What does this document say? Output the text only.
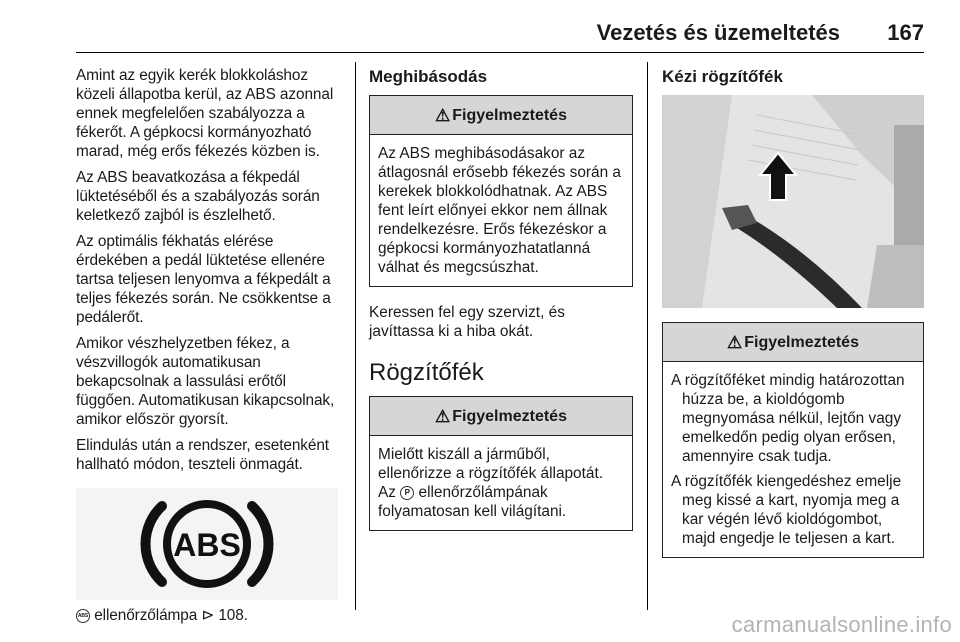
Vezetés és üzemeltetés 167

Amint az egyik kerék blokkoláshoz közeli állapotba kerül, az ABS azonnal ennek megfelelően szabályozza a fékerőt. A gépkocsi kormányozható marad, még erős fékezés közben is.

Az ABS beavatkozása a fékpedál lüktetéséből és a szabályozás során keletkező zajból is észlelhető.

Az optimális fékhatás elérése érdekében a pedál lüktetése ellenére tartsa teljesen lenyomva a fékpedált a teljes fékezés során. Ne csökkentse a pedálerőt.

Amikor vészhelyzetben fékez, a vészvillogók automatikusan bekapcsolnak a lassulási erőtől függően. Automatikusan kikapcsolnak, amikor először gyorsít.

Elindulás után a rendszer, esetenként hallható módon, teszteli önmagát.

ABS

ABS ellenőrzőlámpa ⊳ 108.

Meghibásodás
⚠ Figyelmeztetés

Az ABS meghibásodásakor az átlagosnál erősebb fékezés során a kerekek blokkolódhatnak. Az ABS fent leírt előnyei ekkor nem állnak rendelkezésre. Erős fékezéskor a gépkocsi kormányozhatatlanná válhat és megcsúszhat.

Keressen fel egy szervizt, és javíttassa ki a hiba okát.

Rögzítőfék
⚠ Figyelmeztetés

Mielőtt kiszáll a járműből, ellenőrizze a rögzítőfék állapotát. Az P ellenőrzőlámpának folyamatosan kell világítani.

Kézi rögzítőfék
⚠ Figyelmeztetés

A rögzítőféket mindig határozottan húzza be, a kioldógomb megnyomása nélkül, lejtőn vagy emelkedőn pedig olyan erősen, amennyire csak tudja.

A rögzítőfék kiengedéshez emelje meg kissé a kart, nyomja meg a kar végén lévő kioldógombot, majd engedje le teljesen a kart.

carmanualsonline.info
